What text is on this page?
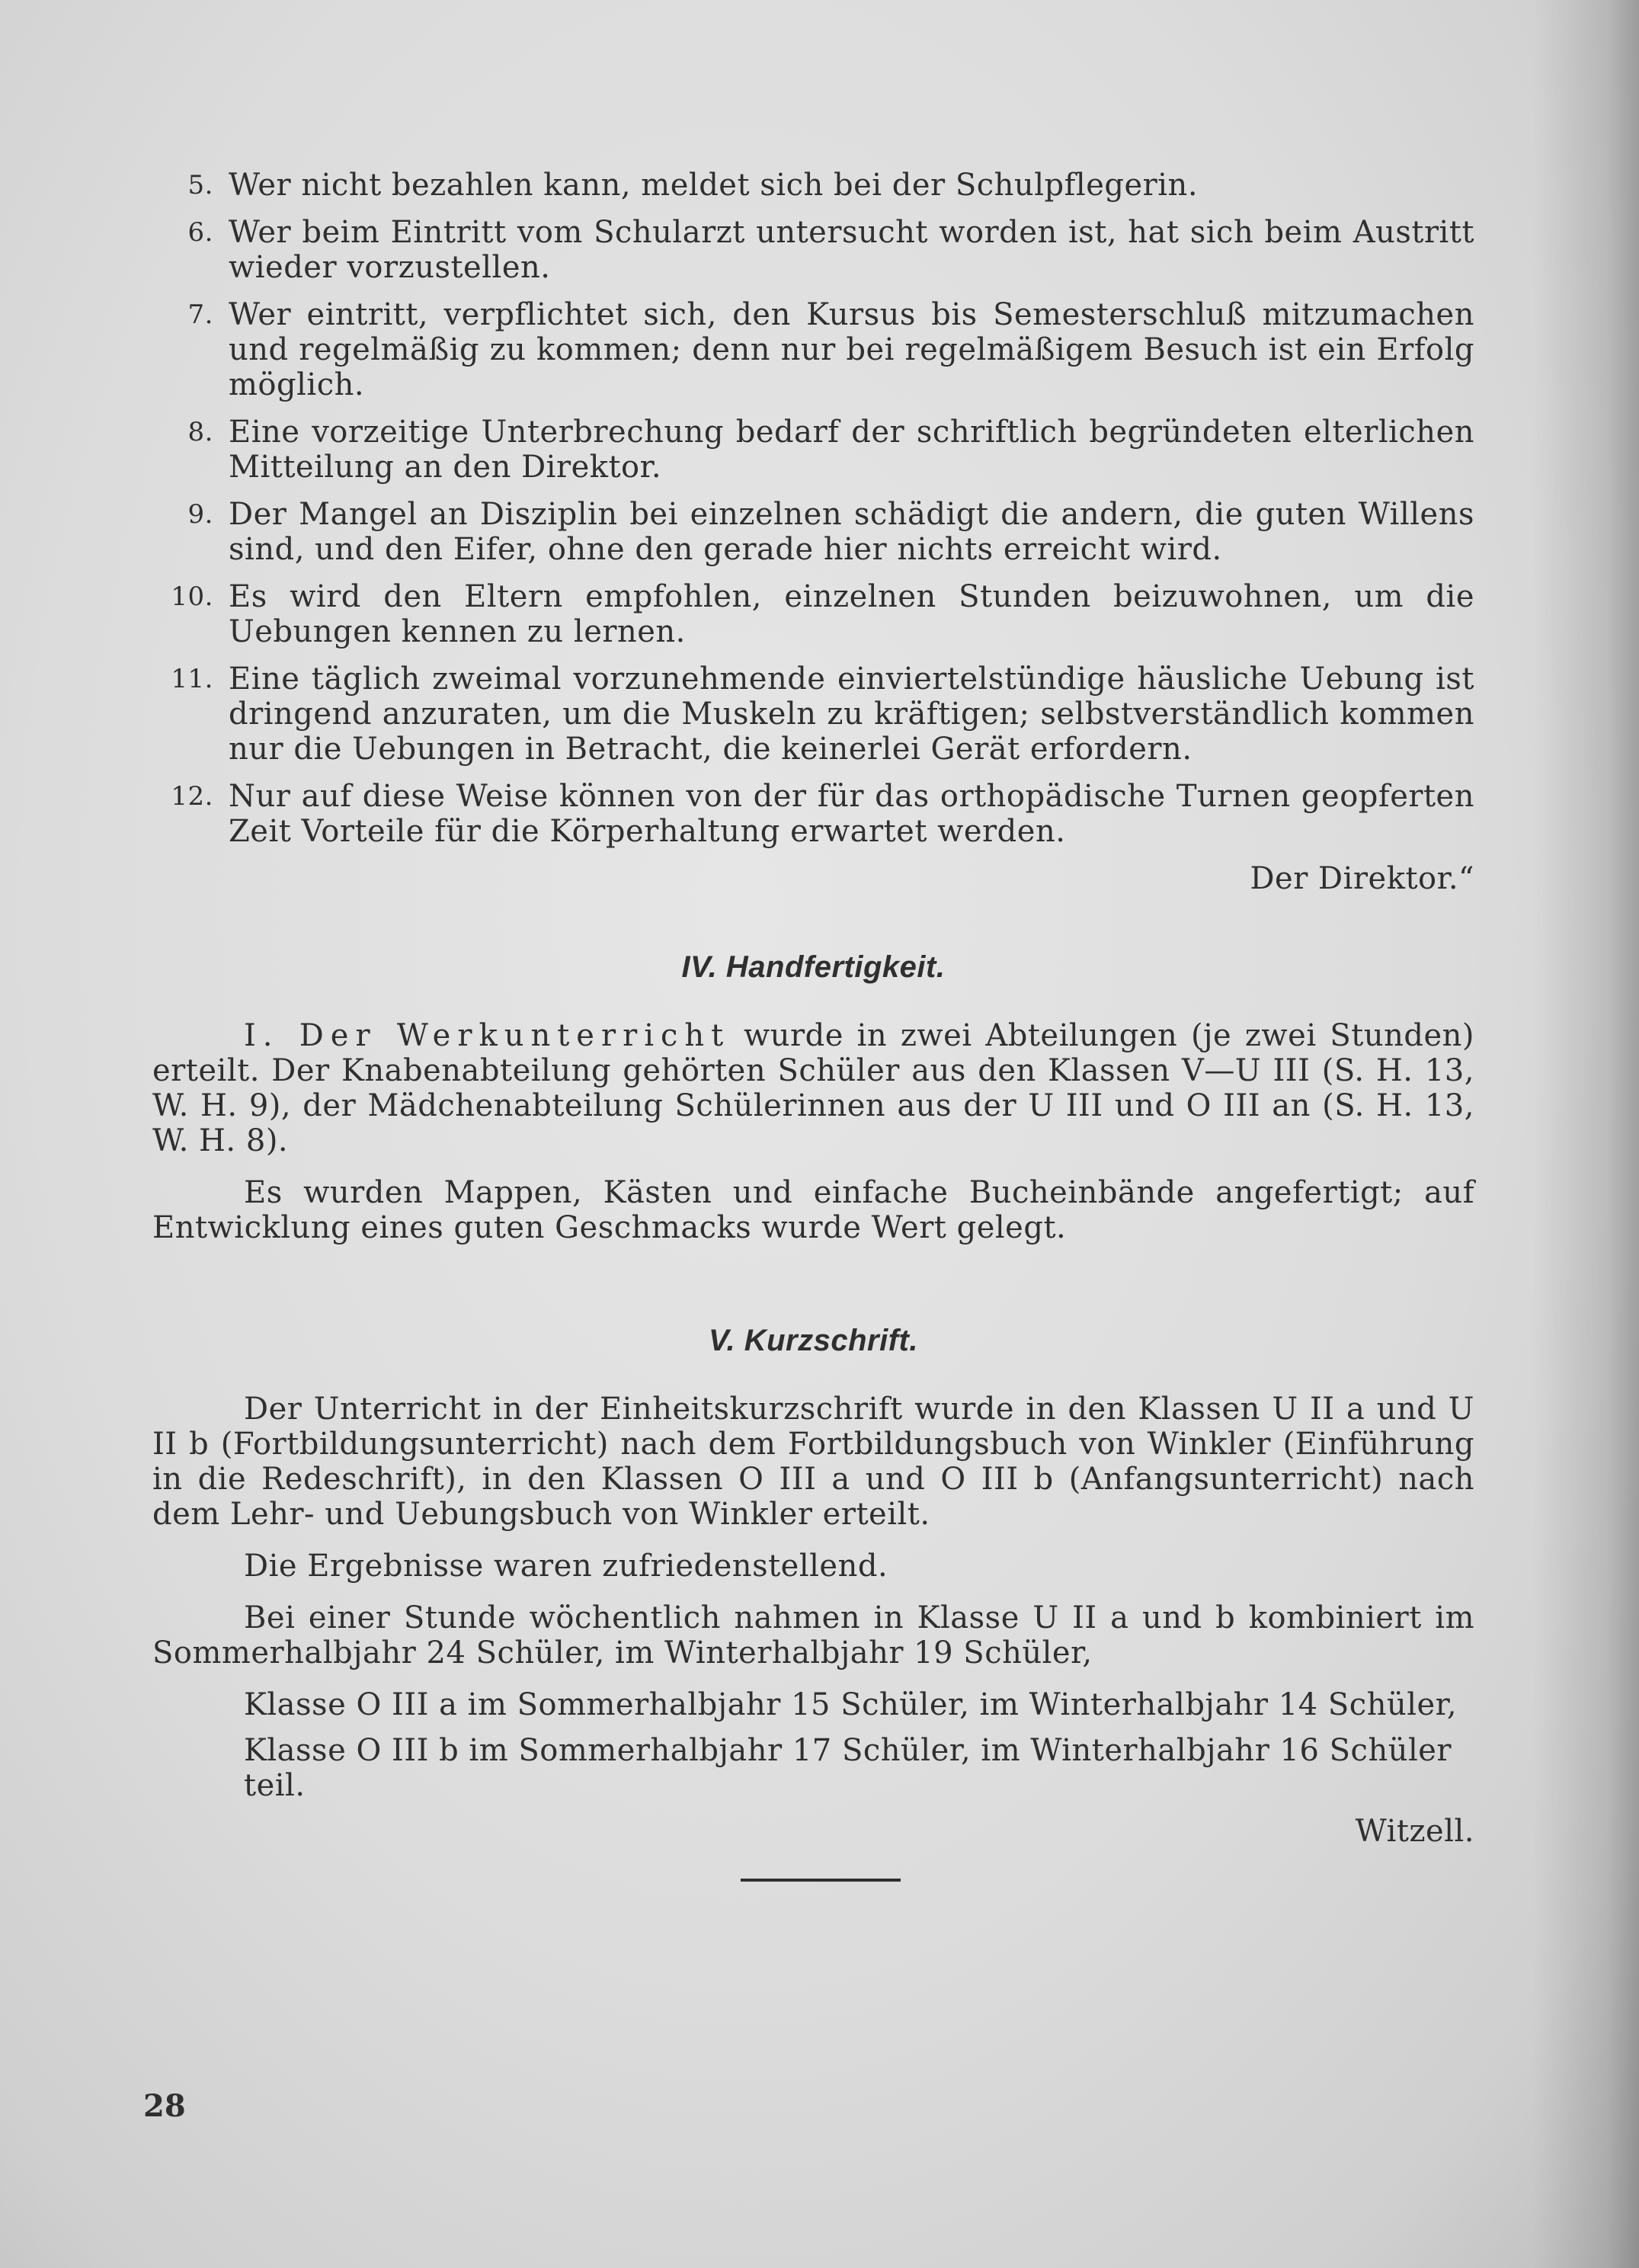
5. Wer nicht bezahlen kann, meldet sich bei der Schulpflegerin.
6. Wer beim Eintritt vom Schularzt untersucht worden ist, hat sich beim Austritt wieder vorzustellen.
7. Wer eintritt, verpflichtet sich, den Kursus bis Semesterschluß mitzumachen und regelmäßig zu kommen; denn nur bei regelmäßigem Besuch ist ein Erfolg möglich.
8. Eine vorzeitige Unterbrechung bedarf der schriftlich begründeten elterlichen Mitteilung an den Direktor.
9. Der Mangel an Disziplin bei einzelnen schädigt die andern, die guten Willens sind, und den Eifer, ohne den gerade hier nichts erreicht wird.
10. Es wird den Eltern empfohlen, einzelnen Stunden beizuwohnen, um die Uebungen kennen zu lernen.
11. Eine täglich zweimal vorzunehmende einviertelstündige häusliche Uebung ist dringend anzuraten, um die Muskeln zu kräftigen; selbstverständlich kommen nur die Uebungen in Betracht, die keinerlei Gerät erfordern.
12. Nur auf diese Weise können von der für das orthopädische Turnen geopferten Zeit Vorteile für die Körperhaltung erwartet werden.
Der Direktor.“
IV. Handfertigkeit.

I. Der Werkunterricht wurde in zwei Abteilungen (je zwei Stunden) erteilt. Der Knabenabteilung gehörten Schüler aus den Klassen V—U III (S. H. 13, W. H. 9), der Mädchenabteilung Schülerinnen aus der U III und O III an (S. H. 13, W. H. 8).

Es wurden Mappen, Kästen und einfache Bucheinbände angefertigt; auf Entwicklung eines guten Geschmacks wurde Wert gelegt.

V. Kurzschrift.

Der Unterricht in der Einheitskurzschrift wurde in den Klassen U II a und U II b (Fortbildungsunterricht) nach dem Fortbildungsbuch von Winkler (Einführung in die Redeschrift), in den Klassen O III a und O III b (Anfangsunterricht) nach dem Lehr- und Uebungsbuch von Winkler erteilt.

Die Ergebnisse waren zufriedenstellend.

Bei einer Stunde wöchentlich nahmen in Klasse U II a und b kombiniert im Sommerhalbjahr 24 Schüler, im Winterhalbjahr 19 Schüler,

Klasse O III a im Sommerhalbjahr 15 Schüler, im Winterhalbjahr 14 Schüler,

Klasse O III b im Sommerhalbjahr 17 Schüler, im Winterhalbjahr 16 Schüler teil.

Witzell.
28
